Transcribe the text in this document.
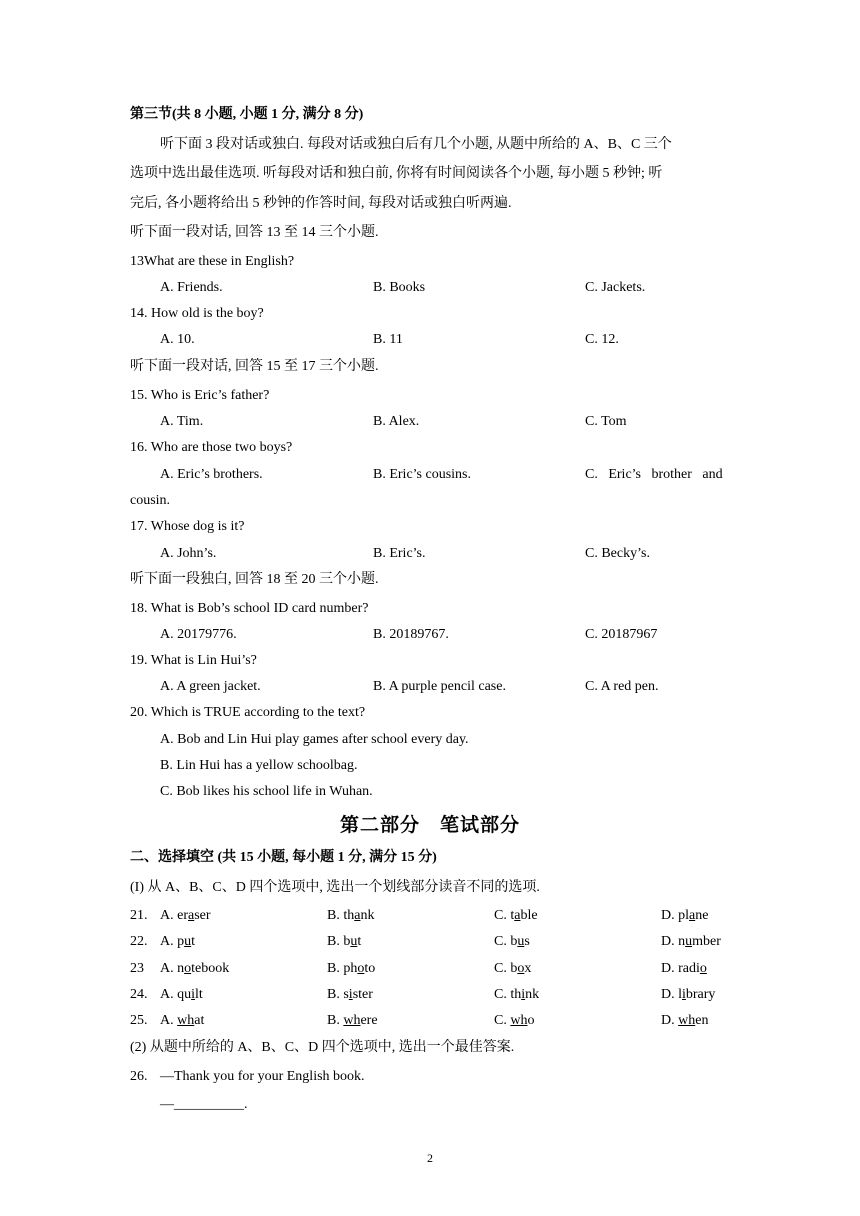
第三节(共 8 小题, 小题 1 分, 满分 8 分)
听下面 3 段对话或独白. 每段对话或独白后有几个小题, 从题中所给的 A、B、C 三个
选项中选出最佳选项. 听每段对话和独白前, 你将有时间阅读各个小题, 每小题 5 秒钟; 听
完后, 各小题将给出 5 秒钟的作答时间, 每段对话或独白听两遍.
听下面一段对话, 回答 13 至 14 三个小题.
13What are these in English?
A. Friends.	B. Books	C. Jackets.
14. How old is the boy?
A. 10.	B. 11	C. 12.
听下面一段对话, 回答 15 至 17 三个小题.
15. Who is Eric’s father?
A. Tim.	B. Alex.	C. Tom
16. Who are those two boys?
A. Eric’s brothers.	B. Eric’s cousins.	C.   Eric’s   brother   and
cousin.
17. Whose dog is it?
A. John’s.	B. Eric’s.	C. Becky’s.
听下面一段独白, 回答 18 至 20 三个小题.
18. What is Bob’s school ID card number?
A. 20179776.	B. 20189767.	C. 20187967
19. What is Lin Hui’s?
A. A green jacket.	B. A purple pencil case.	C. A red pen.
20. Which is TRUE according to the text?
A. Bob and Lin Hui play games after school every day.
B. Lin Hui has a yellow schoolbag.
C. Bob likes his school life in Wuhan.
第二部分　笔试部分
二、选择填空 (共 15 小题, 每小题 1 分, 满分 15 分)
(I) 从 A、B、C、D 四个选项中, 选出一个划线部分读音不同的选项.
21. A. eraser	B. thank	C. table	D. plane
22. A. put	B. but	C. bus	D. number
23 A. notebook	B. photo	C. box	D. radio
24. A. quilt	B. sister	C. think	D. library
25. A. what	B. where	C. who	D. when
(2) 从题中所给的 A、B、C、D 四个选项中, 选出一个最佳答案.
26. —Thank you for your English book.
—__________.
2
